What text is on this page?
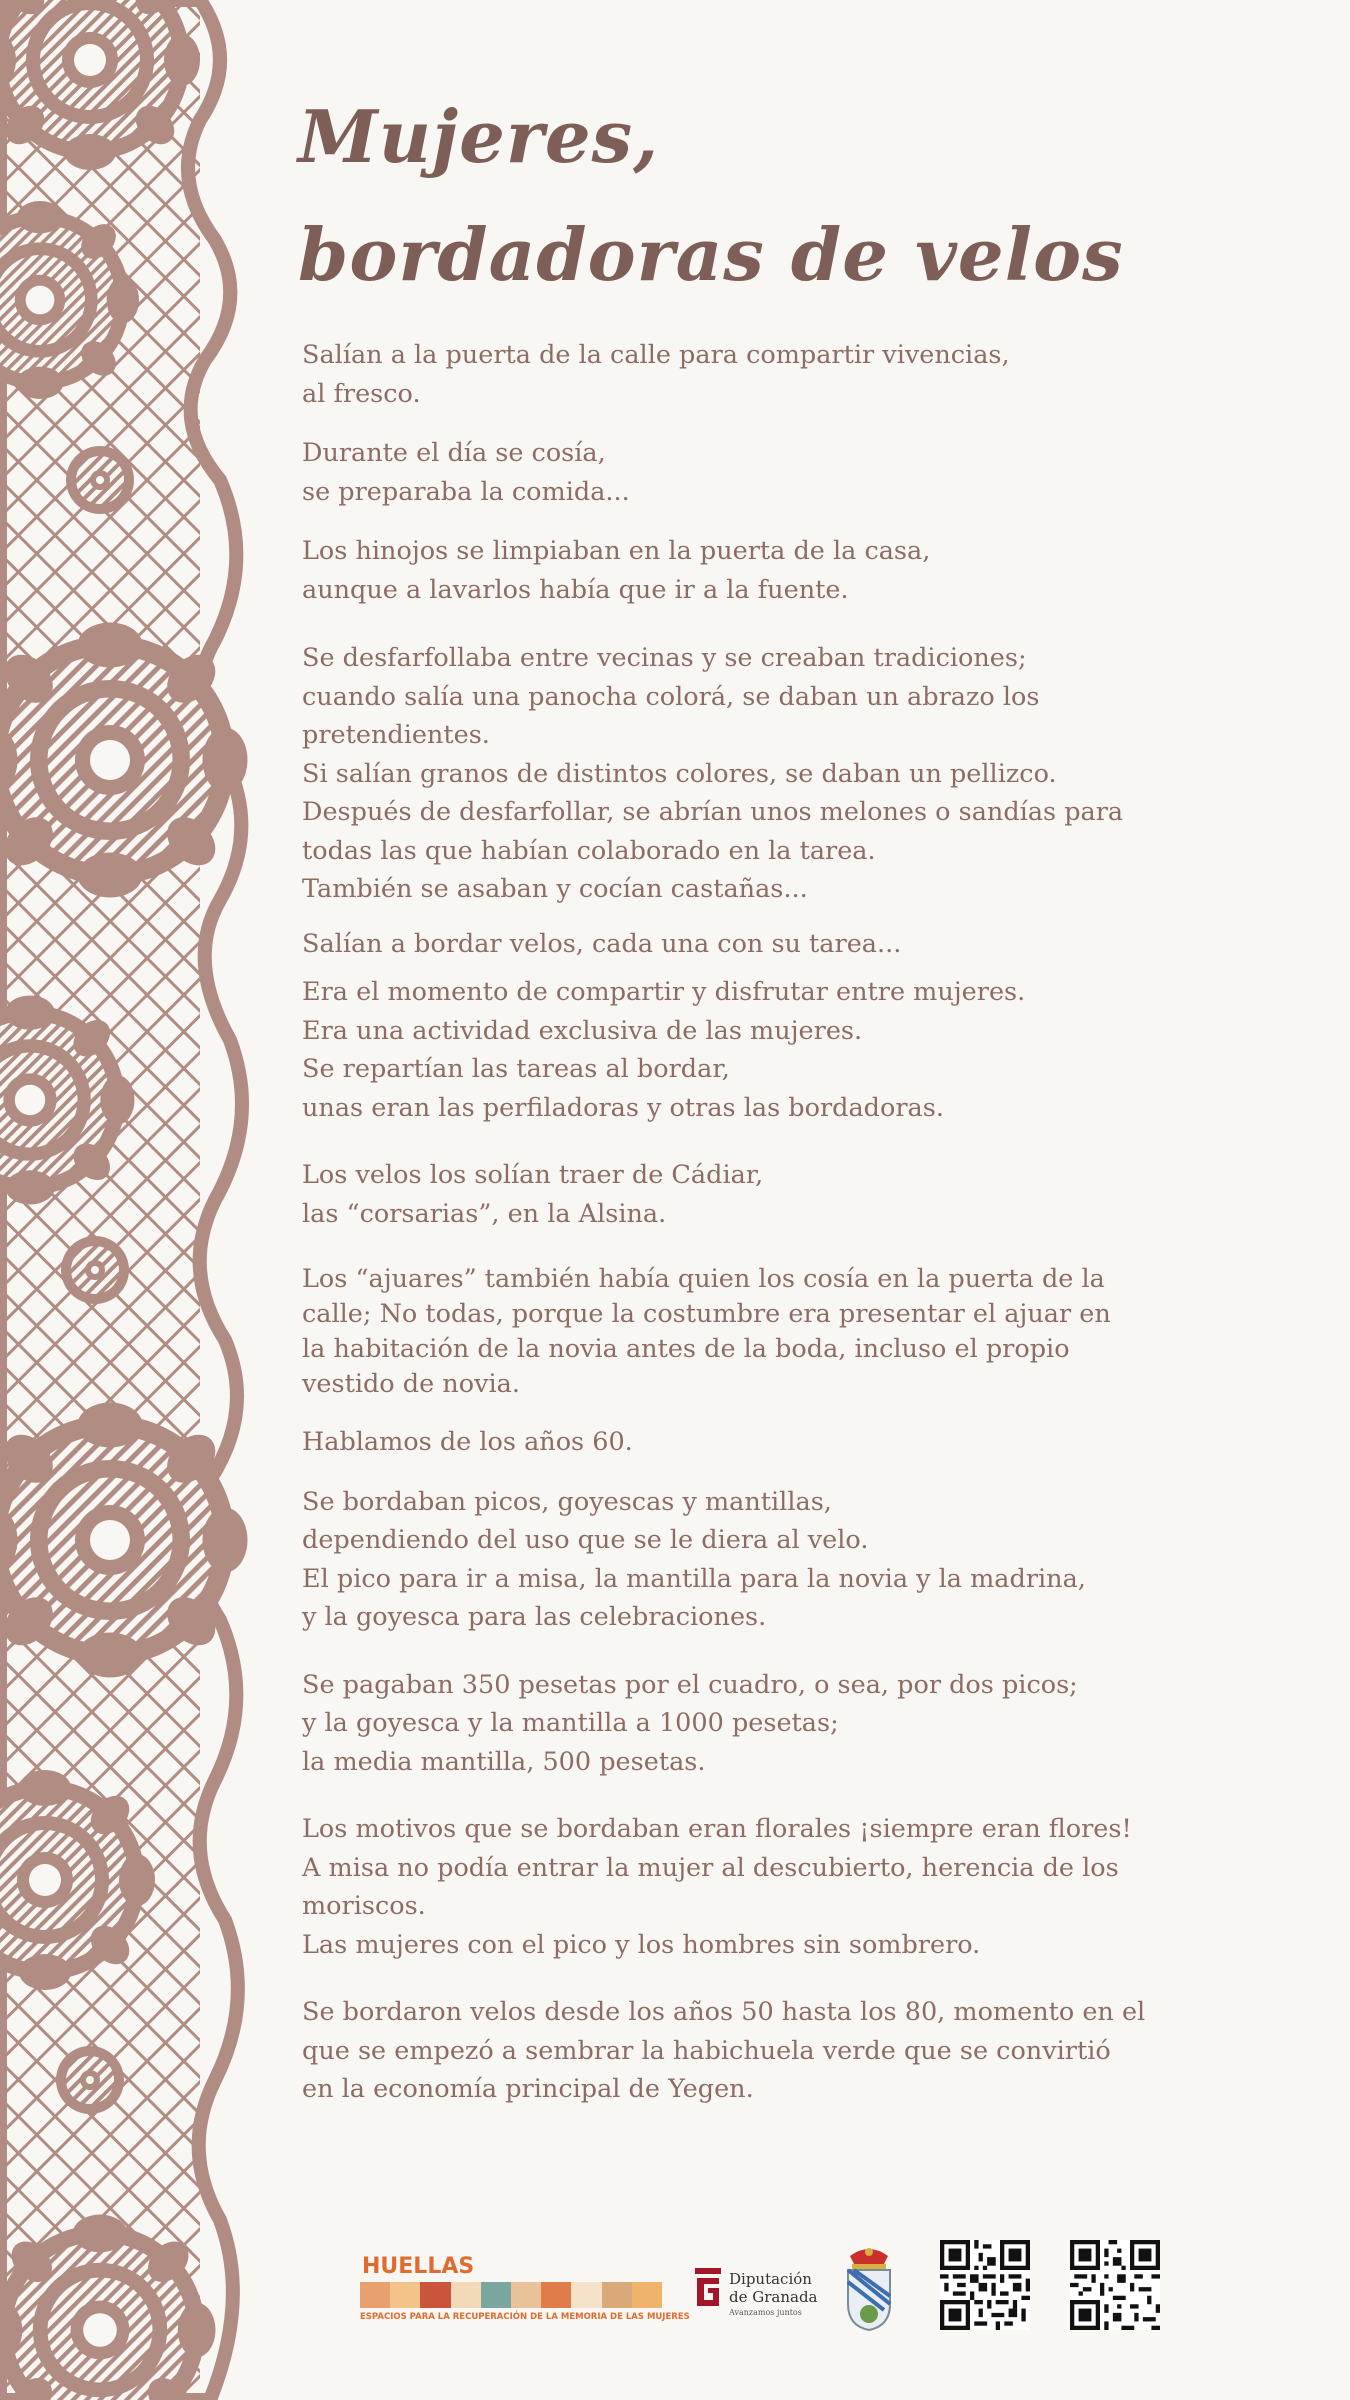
Mujeres,
bordadoras de velos

Salían a la puerta de la calle para compartir vivencias,
al fresco.

Durante el día se cosía,
se preparaba la comida...

Los hinojos se limpiaban en la puerta de la casa,
aunque a lavarlos había que ir a la fuente.

Se desfarfollaba entre vecinas y se creaban tradiciones;
cuando salía una panocha colorá, se daban un abrazo los
pretendientes.
Si salían granos de distintos colores, se daban un pellizco.
Después de desfarfollar, se abrían unos melones o sandías para
todas las que habían colaborado en la tarea.
También se asaban y cocían castañas...

Salían a bordar velos, cada una con su tarea...

Era el momento de compartir y disfrutar entre mujeres.
Era una actividad exclusiva de las mujeres.
Se repartían las tareas al bordar,
unas eran las perfiladoras y otras las bordadoras.

Los velos los solían traer de Cádiar,
las “corsarias”, en la Alsina.

Los “ajuares” también había quien los cosía en la puerta de la
calle; No todas, porque la costumbre era presentar el ajuar en
la habitación de la novia antes de la boda, incluso el propio
vestido de novia.

Hablamos de los años 60.

Se bordaban picos, goyescas y mantillas,
dependiendo del uso que se le diera al velo.
El pico para ir a misa, la mantilla para la novia y la madrina,
y la goyesca para las celebraciones.

Se pagaban 350 pesetas por el cuadro, o sea, por dos picos;
y la goyesca y la mantilla a 1000 pesetas;
la media mantilla, 500 pesetas.

Los motivos que se bordaban eran florales ¡siempre eran flores!
A misa no podía entrar la mujer al descubierto, herencia de los
moriscos.
Las mujeres con el pico y los hombres sin sombrero.

Se bordaron velos desde los años 50 hasta los 80, momento en el
que se empezó a sembrar la habichuela verde que se convirtió
en la economía principal de Yegen.

HUELLAS
ESPACIOS PARA LA RECUPERACIÓN DE LA MEMORIA DE LAS MUJERES
Diputación
de Granada
Avanzamos juntos
